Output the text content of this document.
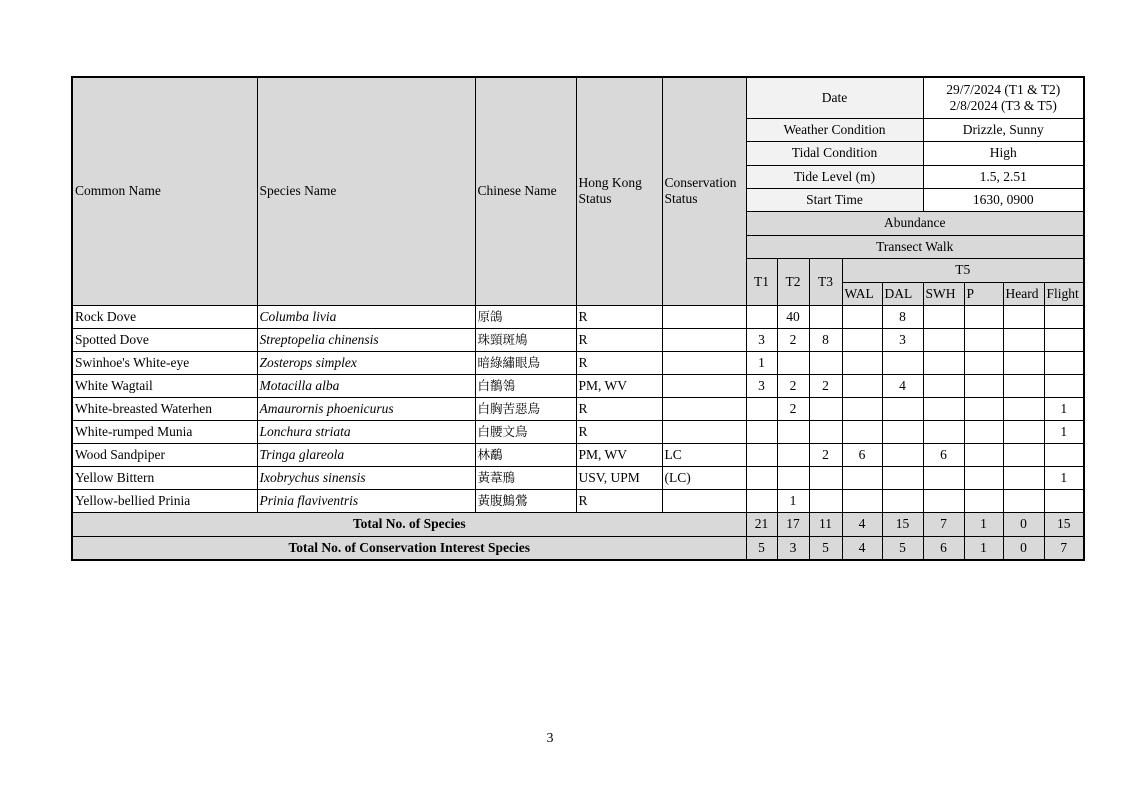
Common Name	Species Name	Chinese Name	Hong Kong Status	Conservation Status	Date					29/7/2024 (T1 & T2)
2/8/2024 (T3 & T5)			

					Weather Condition					Drizzle, Sunny			
					Tidal Condition					High			
					Tide Level (m)					1.5, 2.51			
					Start Time					1630, 0900			
					Abundance								
					Transect Walk								
					T1	T2	T3	T5					
								WAL	DAL	SWH	P	Heard	Flight

Rock Dove	Columba livia	原鴿	R			40			8				
Spotted Dove	Streptopelia chinensis	珠頸斑鳩	R		3	2	8		3				
Swinhoe's White-eye	Zosterops simplex	暗綠繡眼鳥	R		1								
White Wagtail	Motacilla alba	白鶺鴒	PM, WV		3	2	2		4				
White-breasted Waterhen	Amaurornis phoenicurus	白胸苦惡鳥	R			2							1
White-rumped Munia	Lonchura striata	白腰文鳥	R										1
Wood Sandpiper	Tringa glareola	林鷸	PM, WV	LC			2	6		6			
Yellow Bittern	Ixobrychus sinensis	黃葦鳽	USV, UPM	(LC)									1
Yellow-bellied Prinia	Prinia flaviventris	黃腹鷦鶯	R			1							
Total No. of Species					21	17	11	4	15	7	1	0	15
Total No. of Conservation Interest Species					5	3	5	4	5	6	1	0	7
3
